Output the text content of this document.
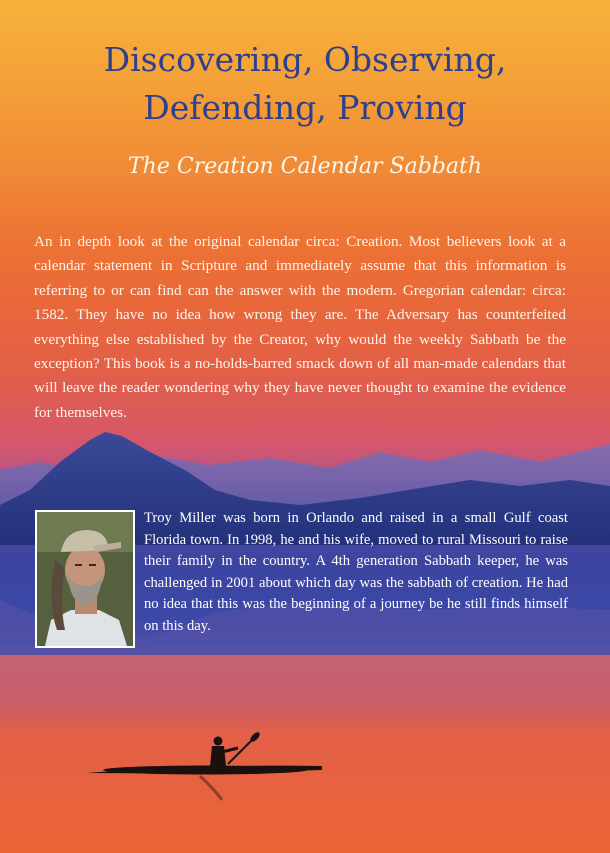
Discovering, Observing,
Defending, Proving
The Creation Calendar Sabbath

An in depth look at the original calendar circa: Creation. Most believers look at a calendar statement in Scripture and immediately assume that this information is referring to or can find can the answer with the modern. Gregorian calendar: circa: 1582. They have no idea how wrong they are. The Adversary has counterfeited everything else established by the Creator, why would the weekly Sabbath be the exception? This book is a no-holds-barred smack down of all man-made calendars that will leave the reader wondering why they have never thought to examine the evidence for themselves.

Troy Miller was born in Orlando and raised in a small Gulf coast Florida town. In 1998, he and his wife, moved to rural Missouri to raise their family in the country. A 4th generation Sabbath keeper, he was challenged in 2001 about which day was the sabbath of creation. He had no idea that this was the beginning of a journey be he still finds himself on this day.
